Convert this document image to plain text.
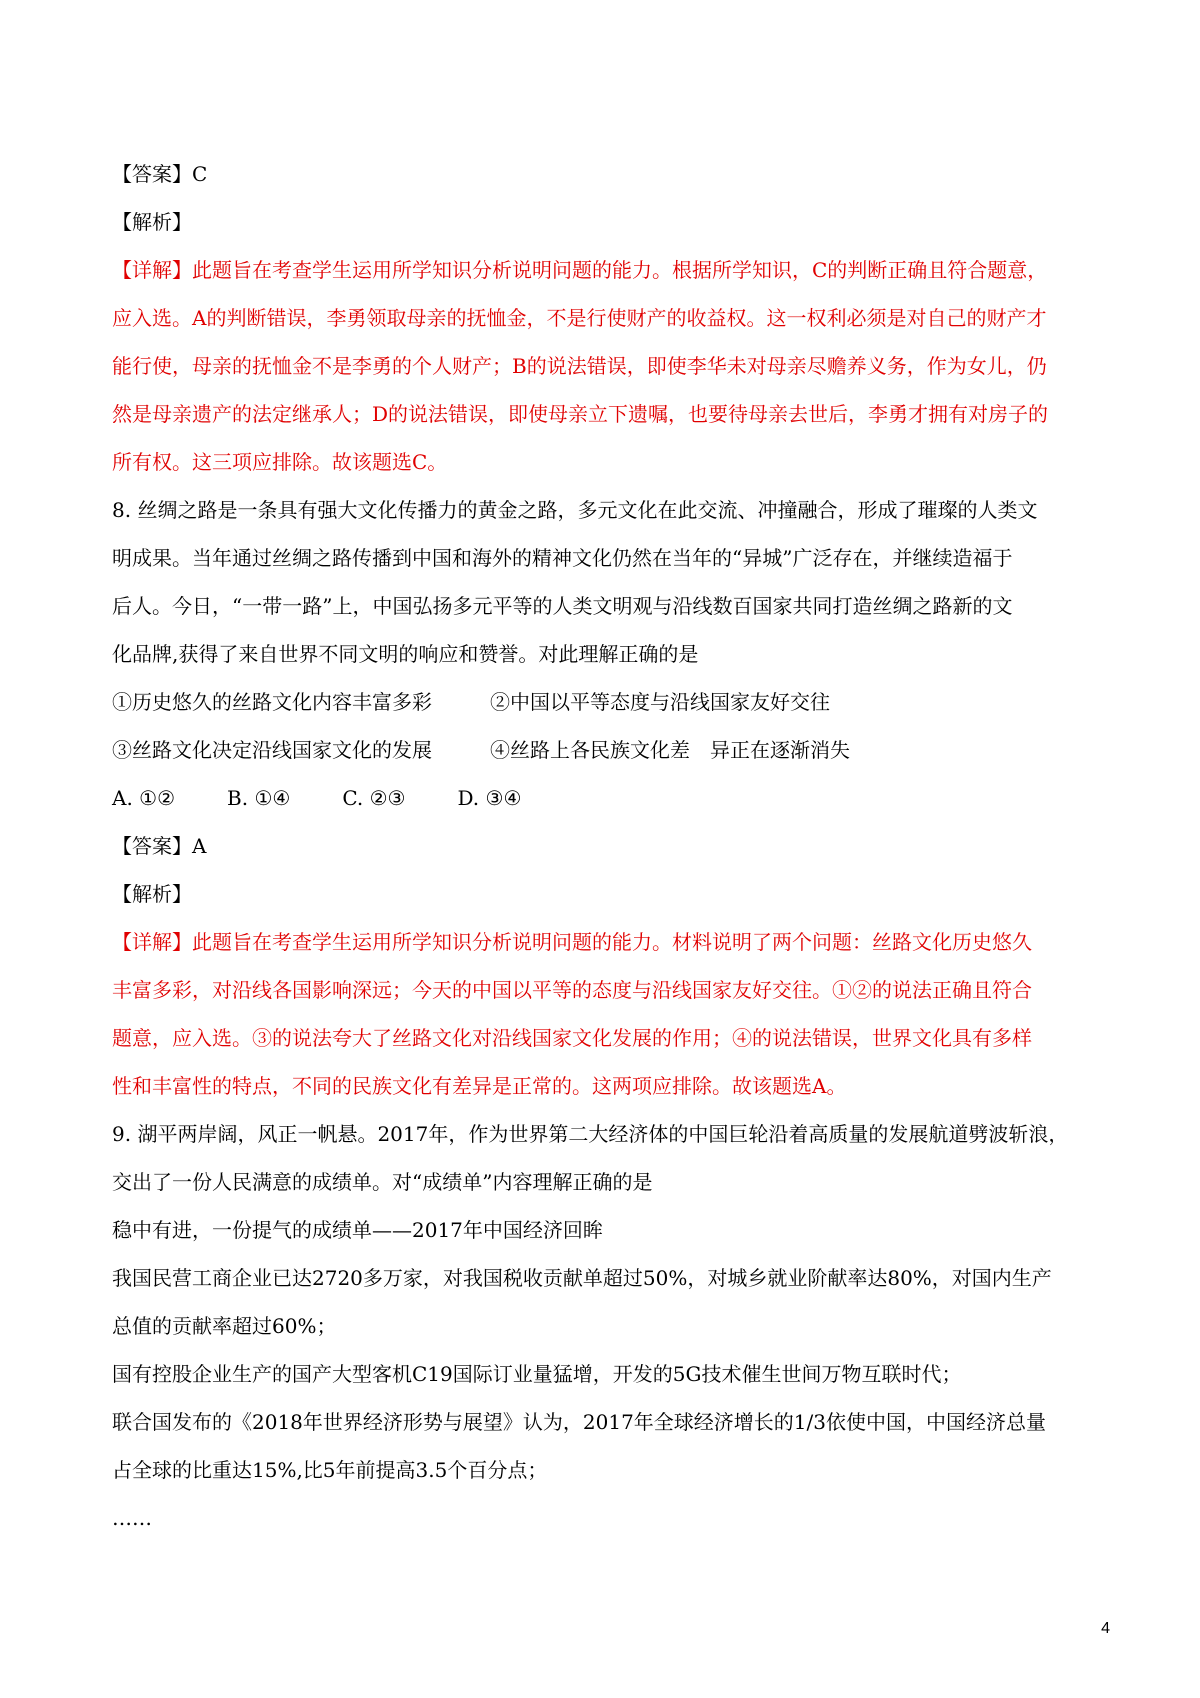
【答案】C
【解析】
【详解】此题旨在考查学生运用所学知识分析说明问题的能力。根据所学知识，C的判断正确且符合题意，
应入选。A的判断错误，李勇领取母亲的抚恤金，不是行使财产的收益权。这一权利必须是对自己的财产才
能行使，母亲的抚恤金不是李勇的个人财产；B的说法错误，即使李华未对母亲尽赡养义务，作为女儿，仍
然是母亲遗产的法定继承人；D的说法错误，即使母亲立下遗嘱，也要待母亲去世后，李勇才拥有对房子的
所有权。这三项应排除。故该题选C。
8. 丝绸之路是一条具有强大文化传播力的黄金之路，多元文化在此交流、冲撞融合，形成了璀璨的人类文
明成果。当年通过丝绸之路传播到中国和海外的精神文化仍然在当年的“异城”广泛存在，并继续造福于
后人。今日，“一带一路”上，中国弘扬多元平等的人类文明观与沿线数百国家共同打造丝绸之路新的文
化品牌,获得了来自世界不同文明的响应和赞誉。对此理解正确的是
①历史悠久的丝路文化内容丰富多彩	②中国以平等态度与沿线国家友好交往
③丝路文化决定沿线国家文化的发展	④丝路上各民族文化差　异正在逐渐消失
A. ①②	B. ①④	C. ②③	D. ③④
【答案】A
【解析】
【详解】此题旨在考查学生运用所学知识分析说明问题的能力。材料说明了两个问题：丝路文化历史悠久
丰富多彩，对沿线各国影响深远；今天的中国以平等的态度与沿线国家友好交往。①②的说法正确且符合
题意，应入选。③的说法夸大了丝路文化对沿线国家文化发展的作用；④的说法错误，世界文化具有多样
性和丰富性的特点，不同的民族文化有差异是正常的。这两项应排除。故该题选A。
9. 湖平两岸阔，风正一帆悬。2017年，作为世界第二大经济体的中国巨轮沿着高质量的发展航道劈波斩浪，
交出了一份人民满意的成绩单。对“成绩单”内容理解正确的是
稳中有进，一份提气的成绩单——2017年中国经济回眸
我国民营工商企业已达2720多万家，对我国税收贡献单超过50%，对城乡就业阶献率达80%，对国内生产
总值的贡献率超过60%；
国有控股企业生产的国产大型客机C19国际订业量猛增，开发的5G技术催生世间万物互联时代；
联合国发布的《2018年世界经济形势与展望》认为，2017年全球经济增长的1/3依使中国，中国经济总量
占全球的比重达15%,比5年前提高3.5个百分点；
……
4
